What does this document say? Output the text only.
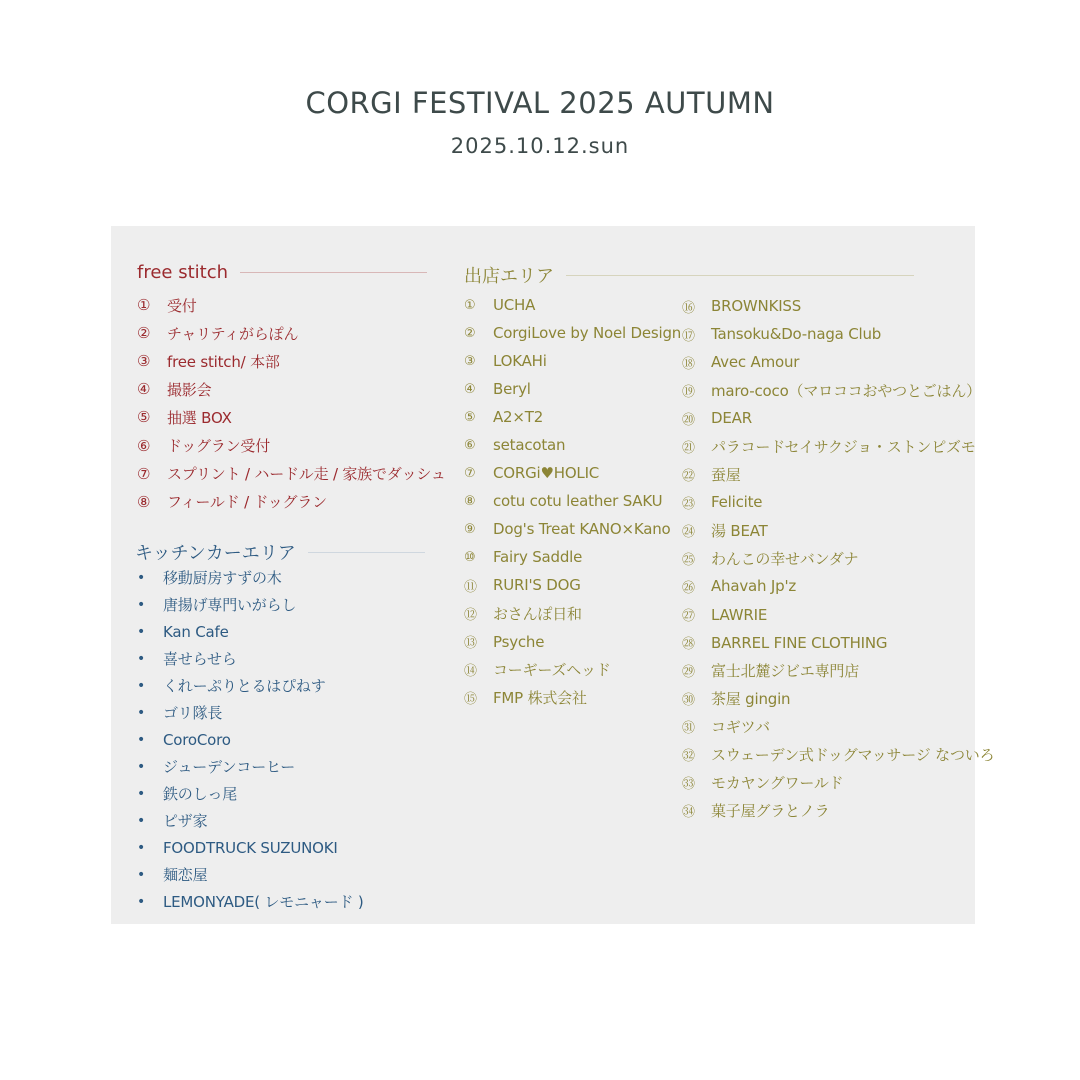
CORGI FESTIVAL 2025 AUTUMN
2025.10.12.sun
free stitch
①	受付
②	チャリティがらぽん
③	free stitch/ 本部
④	撮影会
⑤	抽選 BOX
⑥	ドッグラン受付
⑦	スプリント / ハードル走 / 家族でダッシュ
⑧	フィールド / ドッグラン
キッチンカーエリア
•	移動厨房すずの木
•	唐揚げ専門いがらし
•	Kan Cafe
•	喜せらせら
•	くれーぷりとるはぴねす
•	ゴリ隊長
•	CoroCoro
•	ジューデンコーヒー
•	鉄のしっ尾
•	ピザ家
•	FOODTRUCK SUZUNOKI
•	麺恋屋
•	LEMONYADE( レモニャード )
出店エリア
①	UCHA
②	CorgiLove by Noel Design
③	LOKAHi
④	Beryl
⑤	A2×T2
⑥	setacotan
⑦	CORGi♥HOLIC
⑧	cotu cotu leather SAKU
⑨	Dog's Treat KANO×Kano
⑩	Fairy Saddle
⑪	RURI'S DOG
⑫	おさんぽ日和
⑬	Psyche
⑭	コーギーズヘッド
⑮	FMP 株式会社
⑯	BROWNKISS
⑰	Tansoku&Do-naga Club
⑱	Avec Amour
⑲	maro-coco（マロココおやつとごはん）
⑳	DEAR
㉑	パラコードセイサクジョ・ストンピズモ
㉒	蚕屋
㉓	Felicite
㉔	湯 BEAT
㉕	わんこの幸せバンダナ
㉖	Ahavah Jp'z
㉗	LAWRIE
㉘	BARREL FINE CLOTHING
㉙	富士北麓ジビエ専門店
㉚	茶屋 gingin
㉛	コギツバ
㉜	スウェーデン式ドッグマッサージ なついろ
㉝	モカヤングワールド
㉞	菓子屋グラとノラ
